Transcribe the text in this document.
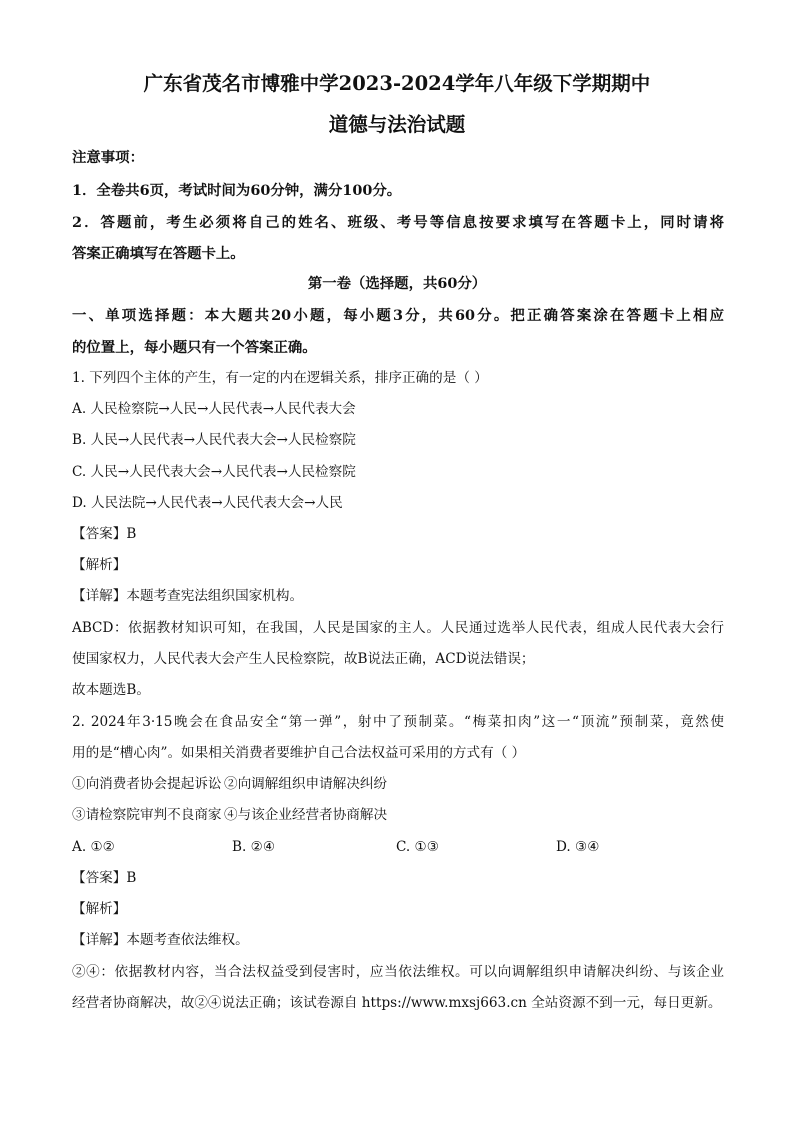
广东省茂名市博雅中学2023-2024学年八年级下学期期中
道德与法治试题
注意事项：
1．全卷共6页，考试时间为60分钟，满分100分。
2．答题前，考生必须将自己的姓名、班级、考号等信息按要求填写在答题卡上，同时请将
答案正确填写在答题卡上。
第一卷（选择题，共60分）
一、单项选择题：本大题共20小题，每小题3分，共60分。把正确答案涂在答题卡上相应
的位置上，每小题只有一个答案正确。
1. 下列四个主体的产生，有一定的内在逻辑关系，排序正确的是（ ）
A. 人民检察院→人民→人民代表→人民代表大会
B. 人民→人民代表→人民代表大会→人民检察院
C. 人民→人民代表大会→人民代表→人民检察院
D. 人民法院→人民代表→人民代表大会→人民
【答案】B
【解析】
【详解】本题考查宪法组织国家机构。
ABCD：依据教材知识可知，在我国，人民是国家的主人。人民通过选举人民代表，组成人民代表大会行
使国家权力，人民代表大会产生人民检察院，故B说法正确，ACD说法错误；
故本题选B。
2. 2024年3·15晚会在食品安全“第一弹”，射中了预制菜。“梅菜扣肉”这一“顶流”预制菜，竟然使
用的是“槽心肉”。如果相关消费者要维护自己合法权益可采用的方式有（ ）
①向消费者协会提起诉讼 ②向调解组织申请解决纠纷
③请检察院审判不良商家 ④与该企业经营者协商解决
A. ①②	B. ②④	C. ①③	D. ③④
【答案】B
【解析】
【详解】本题考查依法维权。
②④：依据教材内容，当合法权益受到侵害时，应当依法维权。可以向调解组织申请解决纠纷、与该企业
经营者协商解决，故②④说法正确；该试卷源自 https://www.mxsj663.cn 全站资源不到一元，每日更新。
